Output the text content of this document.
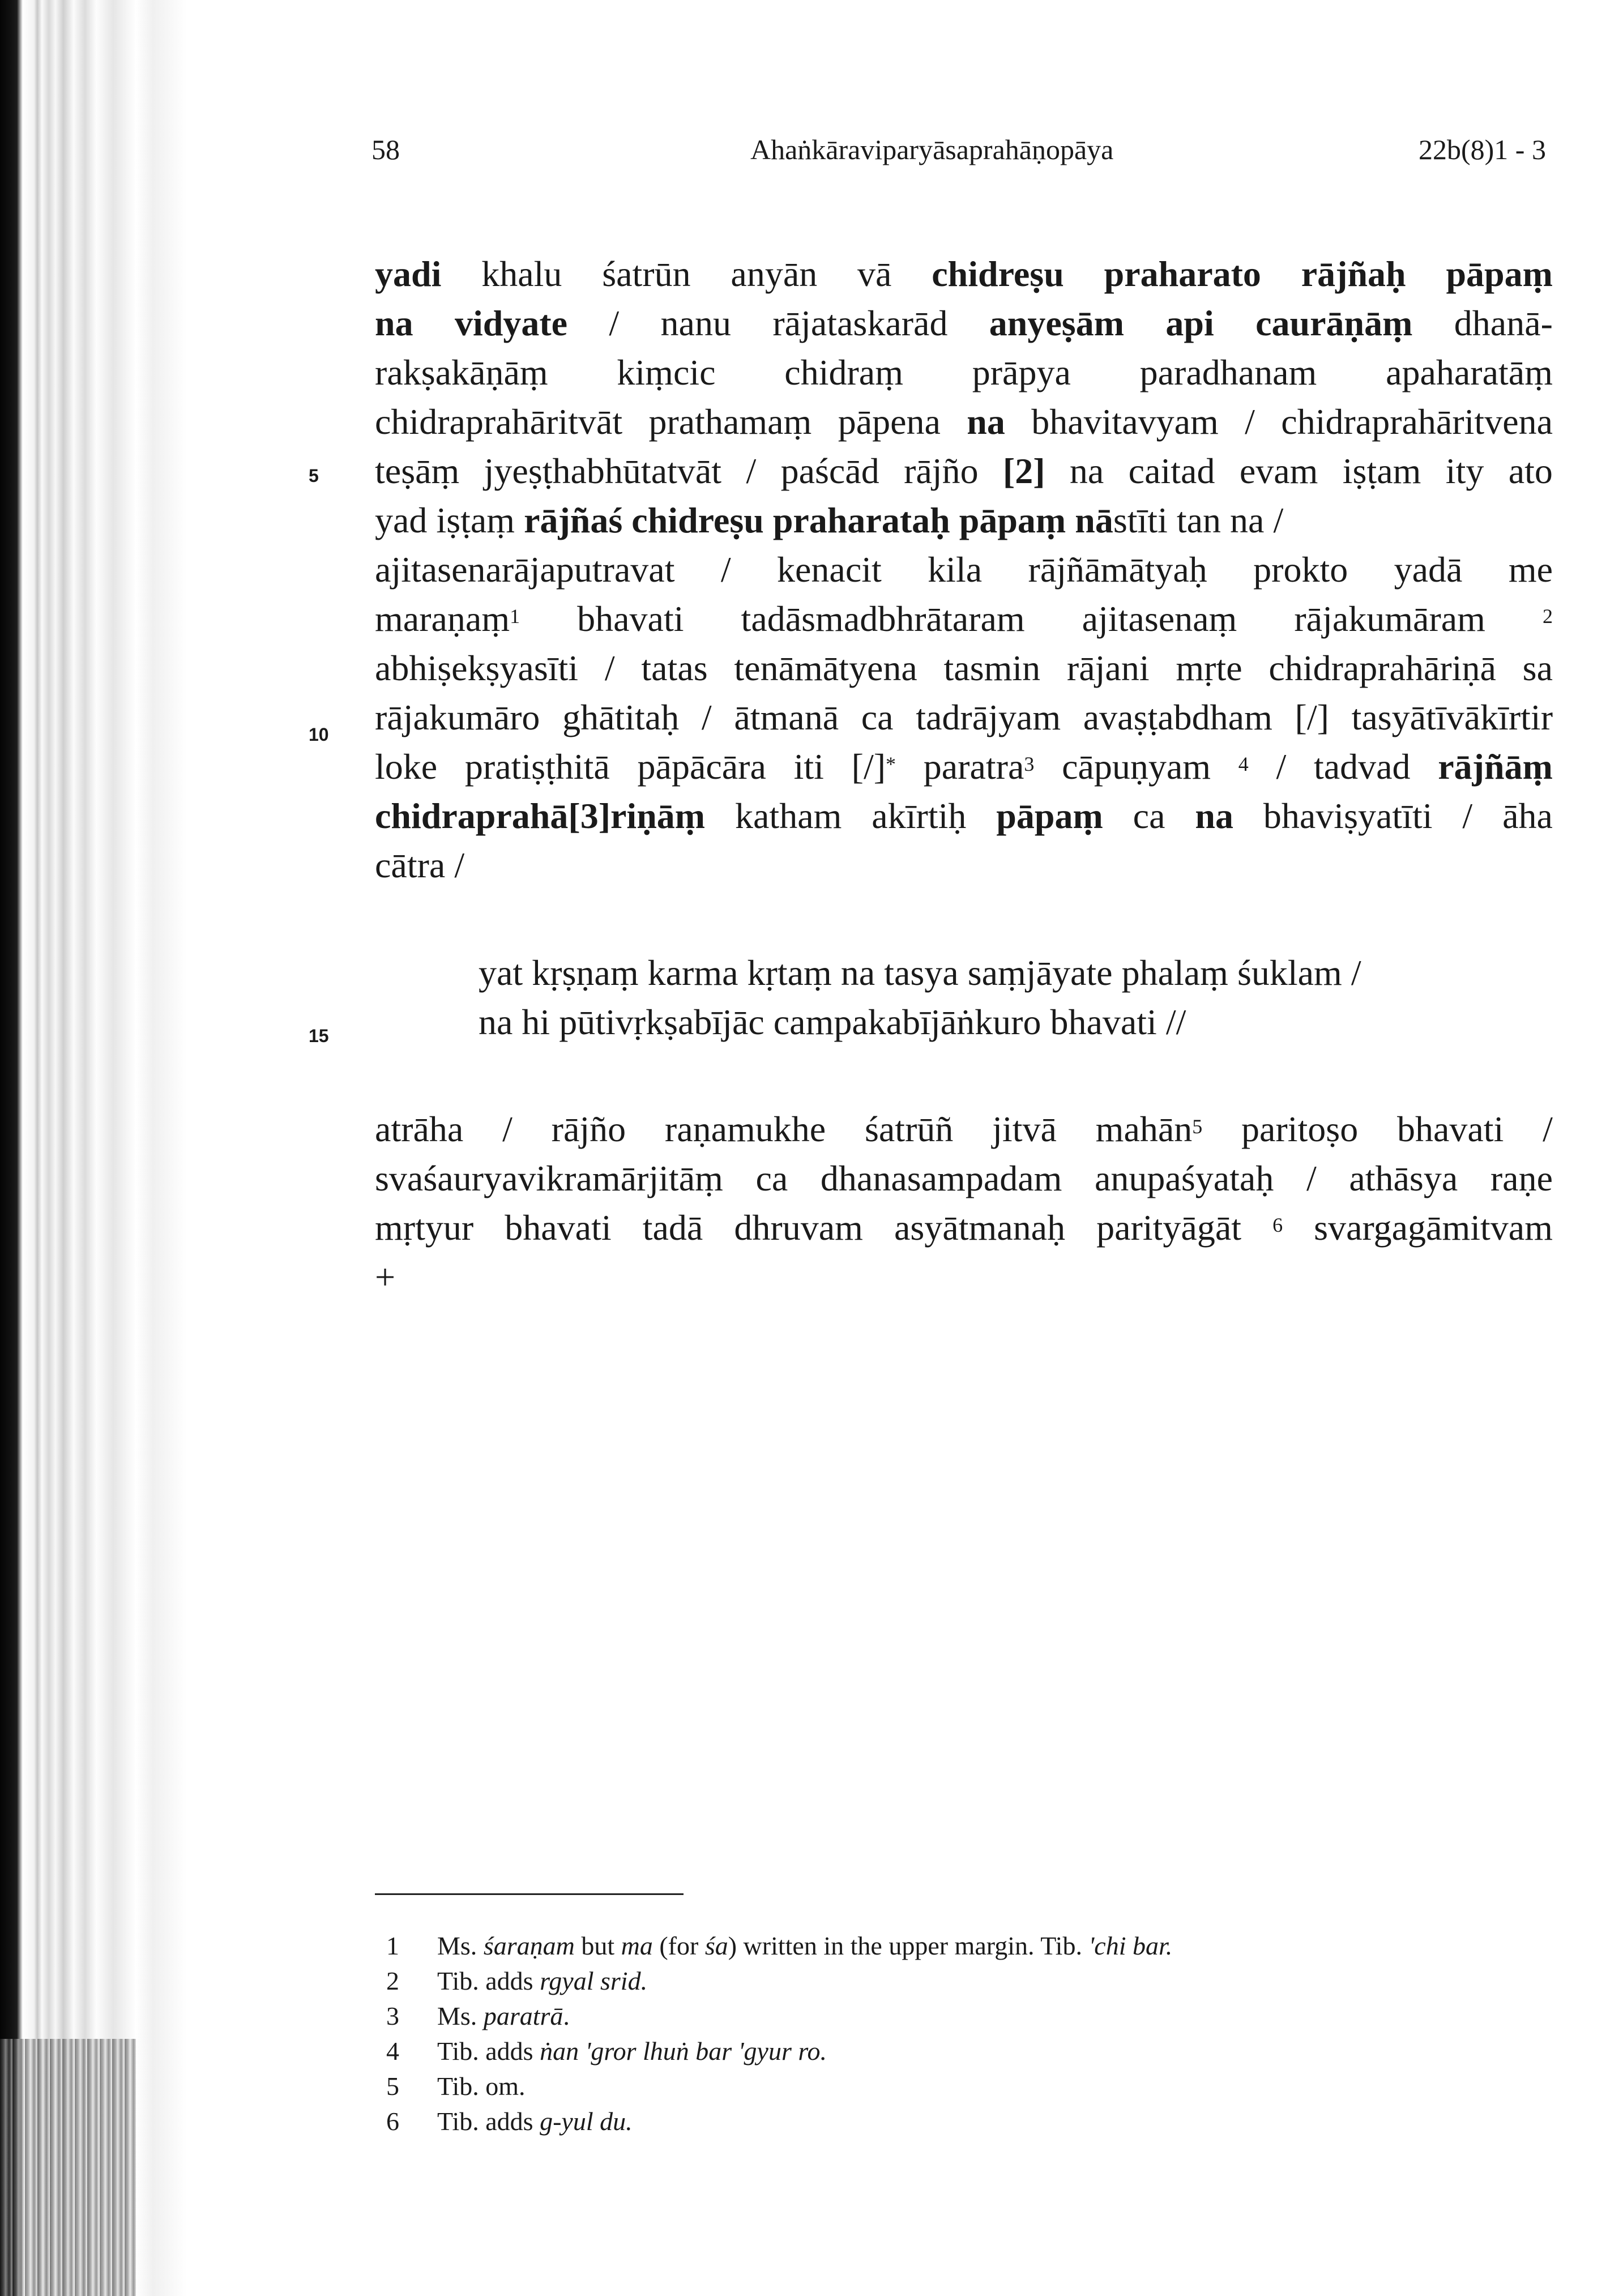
58	Ahaṅkāraviparyāsaprahāṇopāya	22b(8)1 - 3
5
10
15
yadi khalu śatrūn anyān vā chidreṣu praharato rājñaḥ pāpaṃ
na vidyate / nanu rājataskarād anyeṣām api caurāṇāṃ dhanā-
rakṣakāṇāṃ kiṃcic chidraṃ prāpya paradhanam apaharatāṃ
chidraprahāritvāt prathamaṃ pāpena na bhavitavyam / chidraprahāritvena
teṣāṃ jyeṣṭhabhūtatvāt / paścād rājño [2] na caitad evam iṣṭam ity ato
yad iṣṭaṃ rājñaś chidreṣu praharataḥ pāpaṃ nā stīti tan na /
ajitasenarājaputravat / kenacit kila rājñāmātyaḥ prokto yadā me
maraṇaṃ$^1$ bhavati tadāsmadbhrātaram ajitasenaṃ rājakumāram	$^2$
abhiṣekṣyasīti / tatas tenāmātyena tasmin rājani mṛte chidraprahāriṇā sa
rājakumāro ghātitaḥ / ātmanā ca tadrājyam avaṣṭabdham [/] tasyātīvākīrtir
loke pratiṣṭhitā pāpācāra iti [/]* paratra$^3$ cāpuṇyam $^4$ / tadvad rājñāṃ
chidraprahā[3]riṇāṃ katham akīrtiḥ pāpaṃ ca na bhaviṣyatīti / āha
cātra /
yat kṛṣṇaṃ karma kṛtaṃ na tasya saṃjāyate phalaṃ śuklam /
na hi pūtivṛkṣabījāc campakabījāṅkuro bhavati //
atrāha / rājño raṇamukhe śatrūñ jitvā mahān$^5$ paritoṣo bhavati /
svaśauryavikramārjitāṃ ca dhanasampadam anupaśyataḥ / athāsya raṇe
mṛtyur bhavati tadā dhruvam asyātmanaḥ parityāgāt $^6$ svargagāmitvam
+
1 Ms. śaraṇam but ma (for śa) written in the upper margin. Tib. 'chi bar.
2 Tib. adds rgyal srid.
3 Ms. paratrā.
4 Tib. adds ṅan 'gror lhuṅ bar 'gyur ro.
5 Tib. om.
6 Tib. adds g-yul du.
